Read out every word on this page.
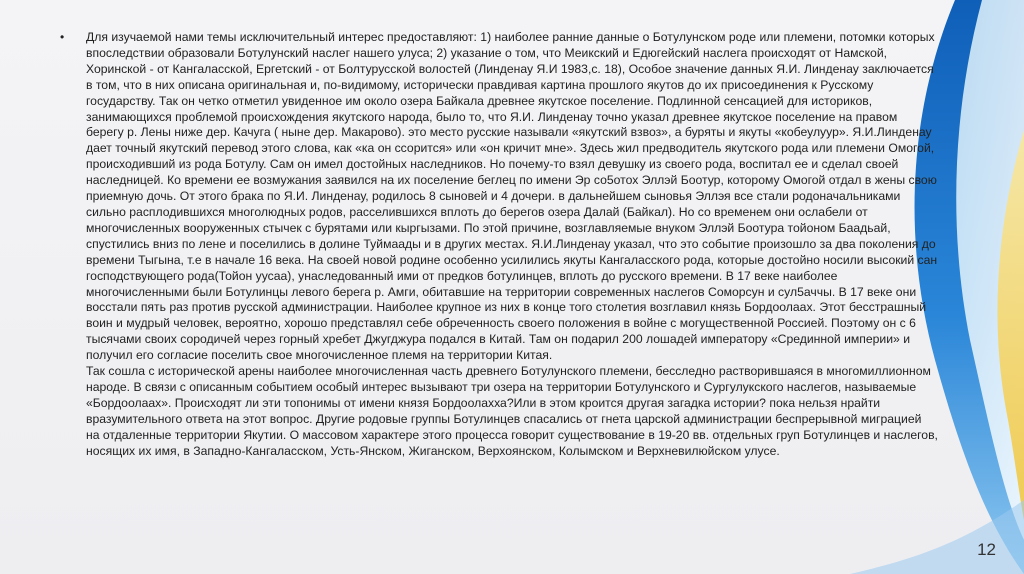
•	Для изучаемой нами темы исключительный интерес предоставляют: 1) наиболее ранние данные о Ботулунском роде или племени, потомки которых впоследствии образовали Ботулунский наслег нашего улуса; 2) указание о том, что Меикский и Едюгейский наслега происходят от Намской, Хоринской - от Кангаласской, Ергетский - от Болтурусской волостей (Линденау Я.И 1983,с. 18), Особое значение данных Я.И. Линденау заключается в том, что в них описана оригинальная и, по-видимому, исторически правдивая картина прошлого якутов до их присоединения к Русскому государству. Так он четко отметил увиденное им около озера Байкала древнее якутское поселение. Подлинной сенсацией для историков, занимающихся проблемой происхождения якутского народа, было то, что Я.И. Линденау точно указал древнее якутское поселение на правом берегу р. Лены ниже дер. Качуга ( ныне дер. Макарово). это место русские называли «якутский взвоз», а буряты и якуты «кобеулуур». Я.И.Линденау дает точный якутский перевод этого слова, как «ка он ссорится» или «он кричит мне». Здесь жил предводитель якутского рода или племени Омогой, происходивший из рода Ботулу. Сам он имел достойных наследников. Но почему-то взял девушку из своего рода, воспитал ее и сделал своей наследницей. Ко времени ее возмужания заявился на их поселение беглец по имени Эр со5отох Эллэй Боотур, которому Омогой отдал в жены свою приемную дочь. От этого брака по Я.И. Линденау, родилось 8 сыновей и 4 дочери. в дальнейшем сыновья Эллэя все стали родоначальниками сильно расплодившихся многолюдных родов, расселившихся вплоть до берегов озера Далай (Байкал). Но со временем они ослабели от многочисленных вооруженных стычек с бурятами или кыргызами. По этой причине, возглавляемые внуком Эллэй Боотура тойоном Баадьай, спустились вниз по лене и поселились в долине Туймаады и в других местах. Я.И.Линденау указал, что это событие произошло за два поколения до времени Тыгына, т.е в начале 16 века. На своей новой родине особенно усилились якуты Кангаласского рода, которые достойно носили высокий сан господствующего рода(Тойон уусаа), унаследованный ими от предков ботулинцев, вплоть до русского времени. В 17 веке наиболее многочисленными были Ботулинцы левого берега р. Амги, обитавшие на территории современных наслегов Соморсун и сул5аччы. В 17 веке они восстали пять раз против русской администрации. Наиболее крупное из них в конце того столетия возглавил князь Бордоолаах. Этот бесстрашный воин и мудрый человек, вероятно, хорошо представлял себе обреченность своего положения в войне с могущественной Россией. Поэтому он с 6 тысячами своих сородичей через горный хребет Джугджура подался в Китай. Там он подарил 200 лошадей императору «Срединной империи» и получил его согласие поселить свое многочисленное племя на территории Китая.
Так сошла с исторической арены наиболее многочисленная часть древнего Ботулунского племени, бесследно растворившаяся в многомиллионном народе. В связи с описанным событием особый интерес вызывают три озера на территории Ботулунского и Сургулукского наслегов, называемые «Бордоолаах». Происходят ли эти топонимы от имени князя Бордоолахха?Или в этом кроится другая загадка истории? пока нельзя нрайти вразумительного ответа на этот вопрос. Другие родовые группы Ботулинцев спасались от гнета царской администрации беспрерывной миграцией на отдаленные территории Якутии. О массовом характере этого процесса говорит существование в 19-20 вв. отдельных груп Ботулинцев и наслегов, носящих их имя, в Западно-Кангаласском, Усть-Янском, Жиганском, Верхоянском, Колымском и Верхневилюйском улусе.
12
